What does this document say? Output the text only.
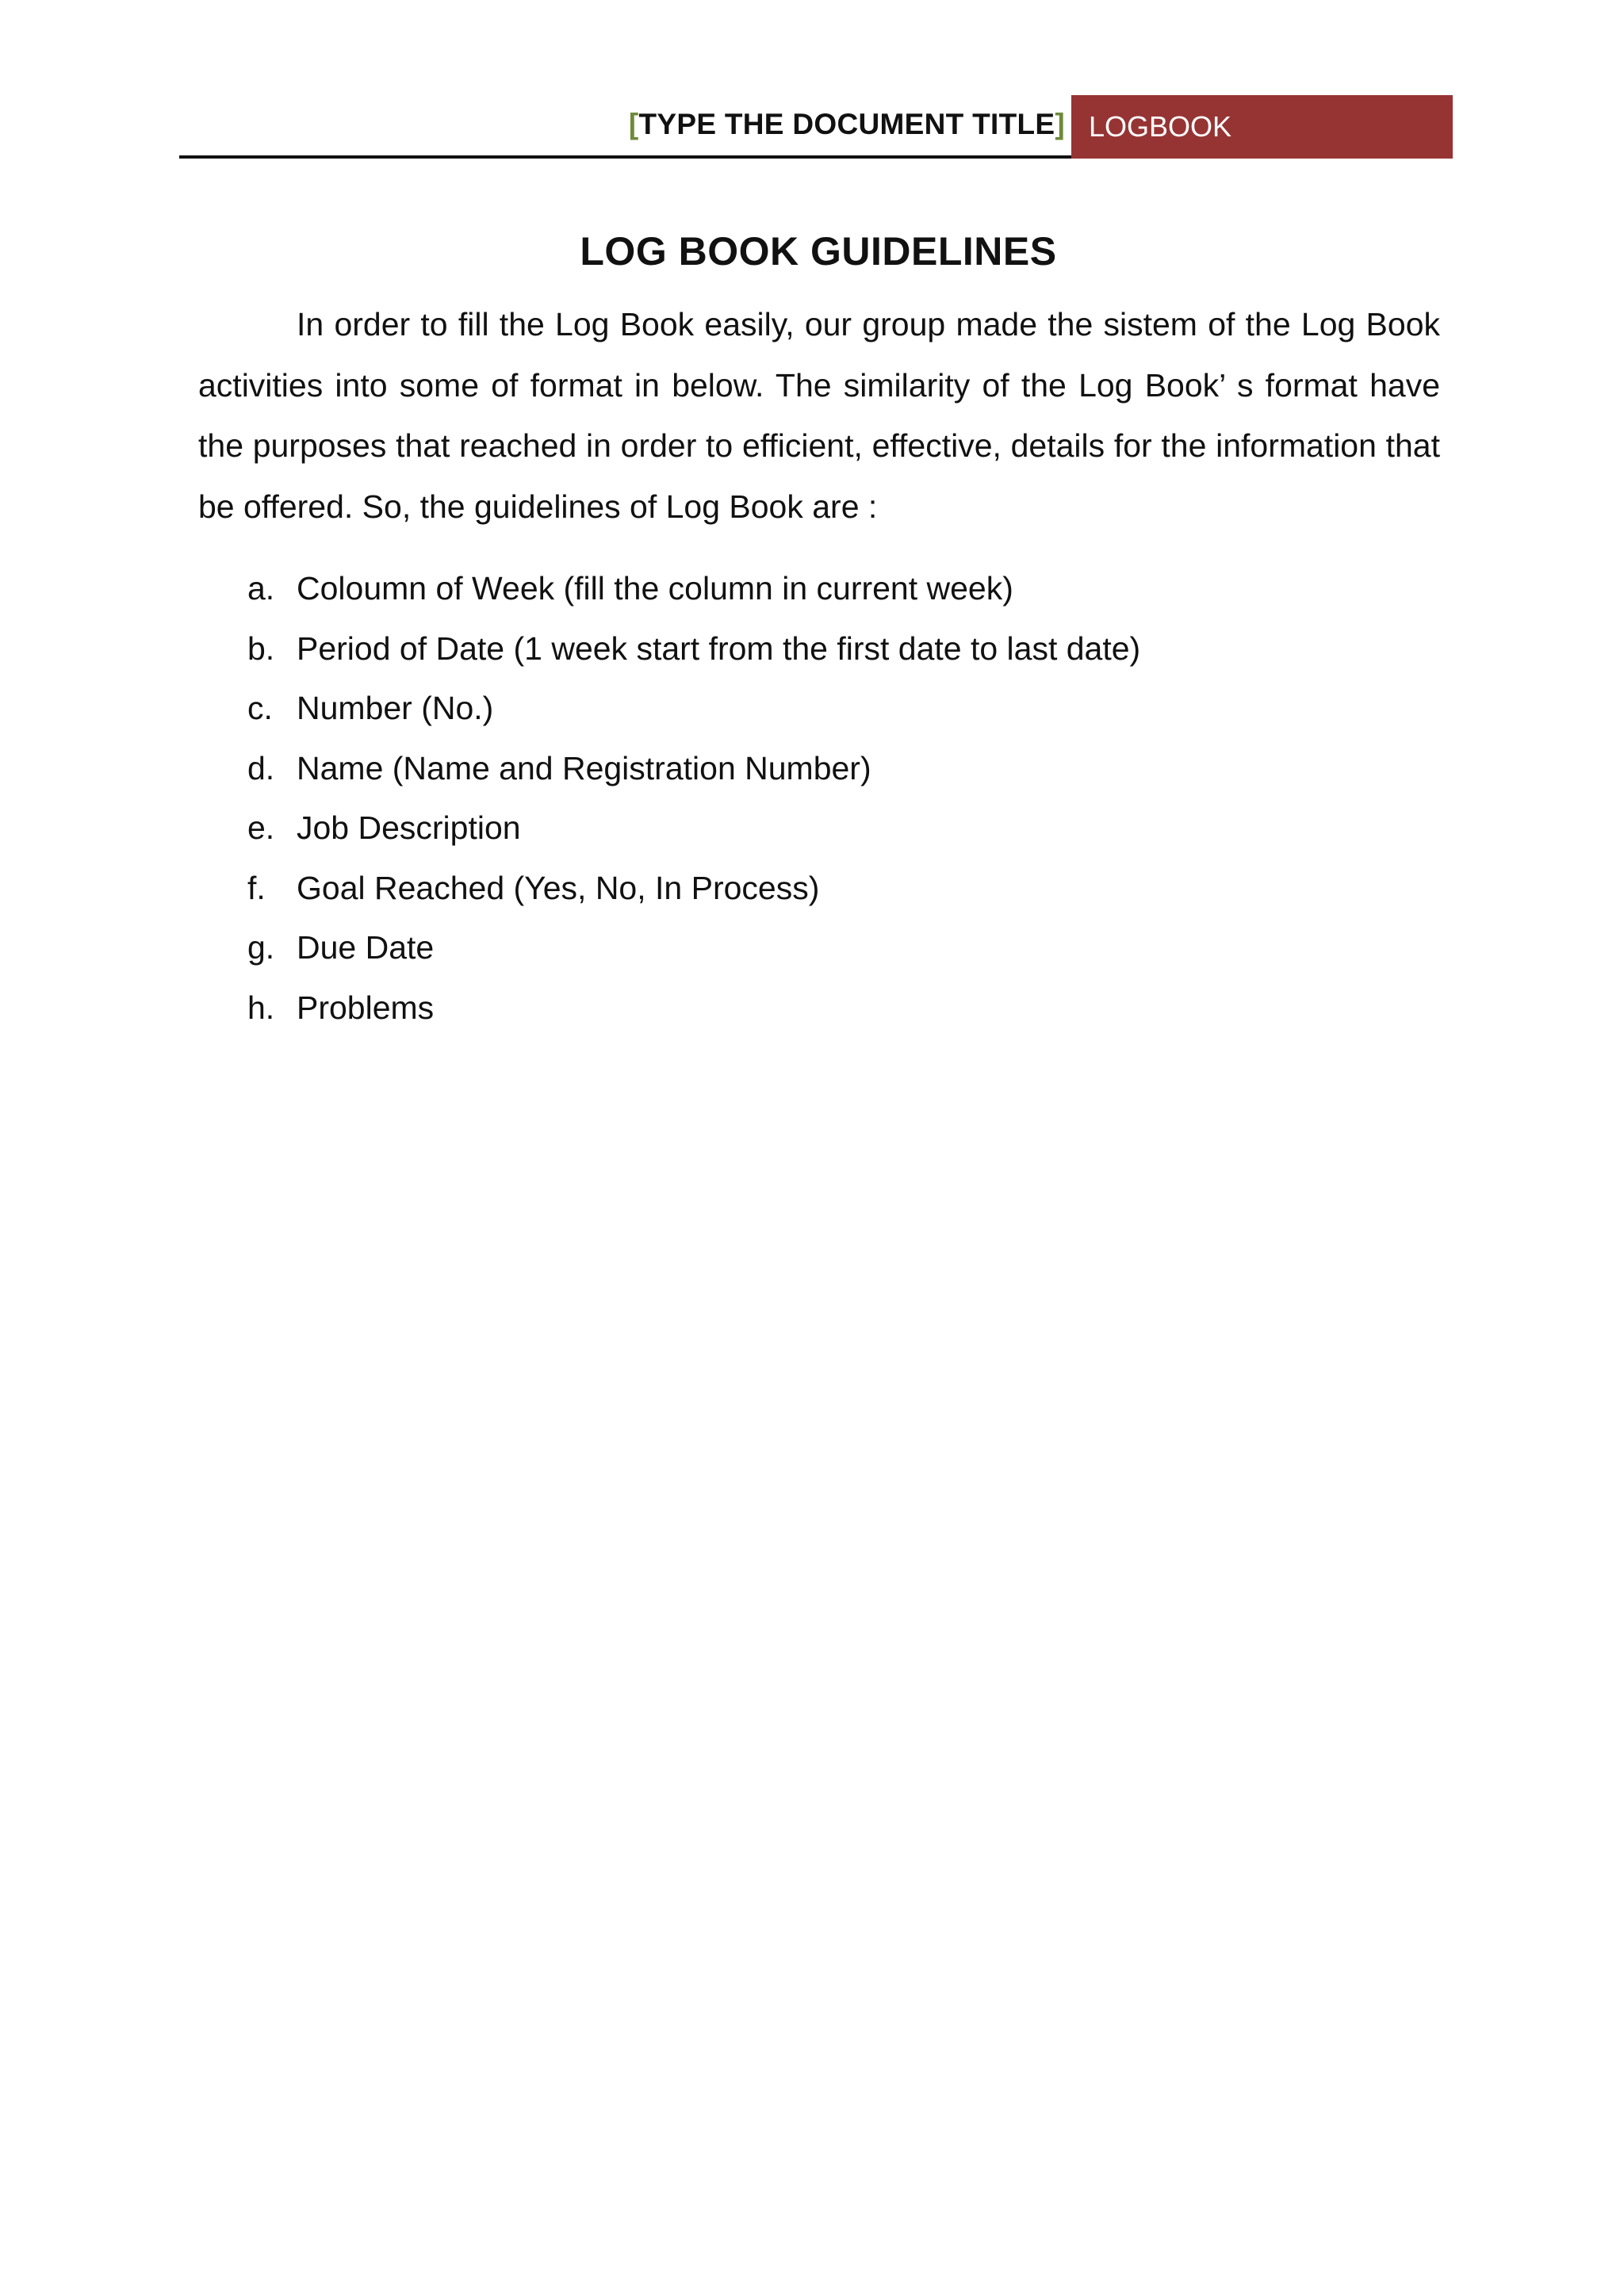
[TYPE THE DOCUMENT TITLE] LOGBOOK
LOG BOOK GUIDELINES

In order to fill the Log Book easily, our group made the sistem of the Log Book activities into some of format in below. The similarity of the Log Book’ s format have the purposes that reached in order to efficient, effective, details for the information that be offered. So, the guidelines of Log Book are :

a. Coloumn of Week (fill the column in current week)
b. Period of Date (1 week start from the first date to last date)
c. Number (No.)
d. Name (Name and Registration Number)
e. Job Description
f. Goal Reached (Yes, No, In Process)
g. Due Date
h. Problems
